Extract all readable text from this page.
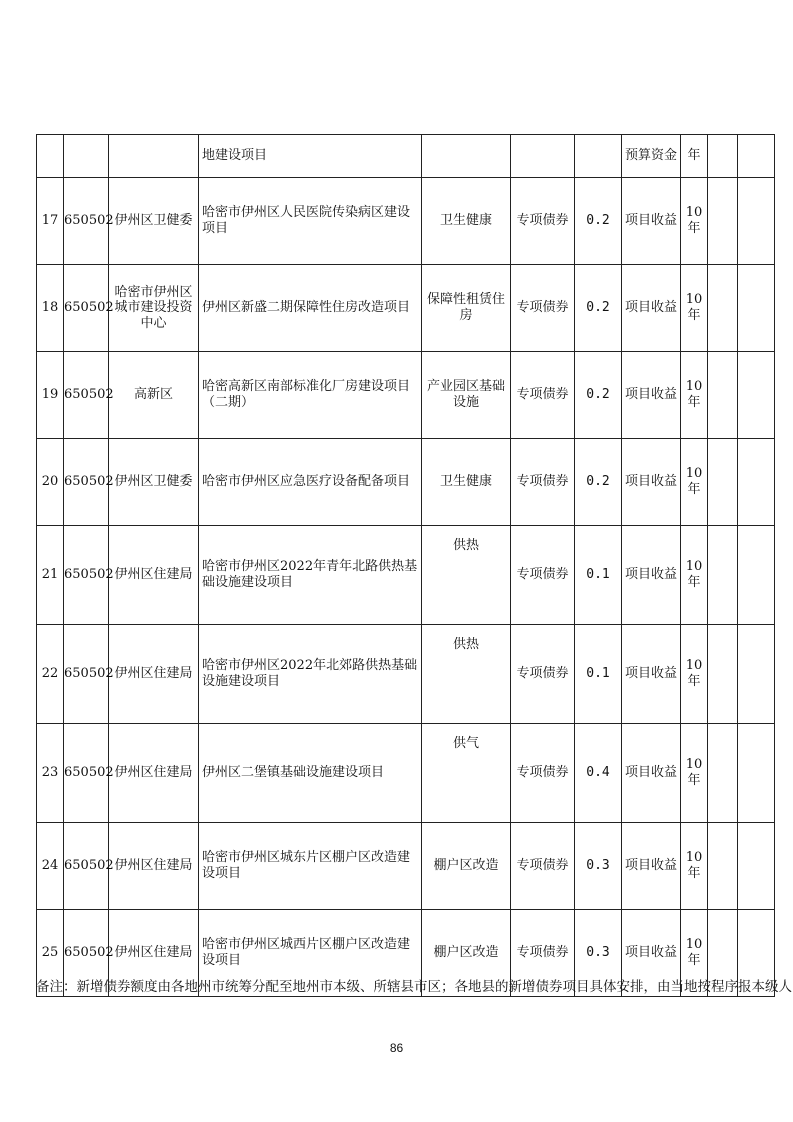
			地建设项目				预算资金	年		
17	650502	伊州区卫健委	哈密市伊州区人民医院传染病区建设项目	卫生健康	专项债券	0.2	项目收益	10年		
18	650502	哈密市伊州区城市建设投资中心	伊州区新盛二期保障性住房改造项目	保障性租赁住房	专项债券	0.2	项目收益	10年		
19	650502	高新区	哈密高新区南部标准化厂房建设项目（二期）	产业园区基础设施	专项债券	0.2	项目收益	10年		
20	650502	伊州区卫健委	哈密市伊州区应急医疗设备配备项目	卫生健康	专项债券	0.2	项目收益	10年		
21	650502	伊州区住建局	哈密市伊州区2022年青年北路供热基础设施建设项目	供热	专项债券	0.1	项目收益	10年		
22	650502	伊州区住建局	哈密市伊州区2022年北郊路供热基础设施建设项目	供热	专项债券	0.1	项目收益	10年		
23	650502	伊州区住建局	伊州区二堡镇基础设施建设项目	供气	专项债券	0.4	项目收益	10年		
24	650502	伊州区住建局	哈密市伊州区城东片区棚户区改造建设项目	棚户区改造	专项债券	0.3	项目收益	10年		
25	650502	伊州区住建局	哈密市伊州区城西片区棚户区改造建设项目	棚户区改造	专项债券	0.3	项目收益	10年		
备注：新增债券额度由各地州市统筹分配至地州市本级、所辖县市区；各地县的新增债券项目具体安排，由当地按程序报本级人
86
